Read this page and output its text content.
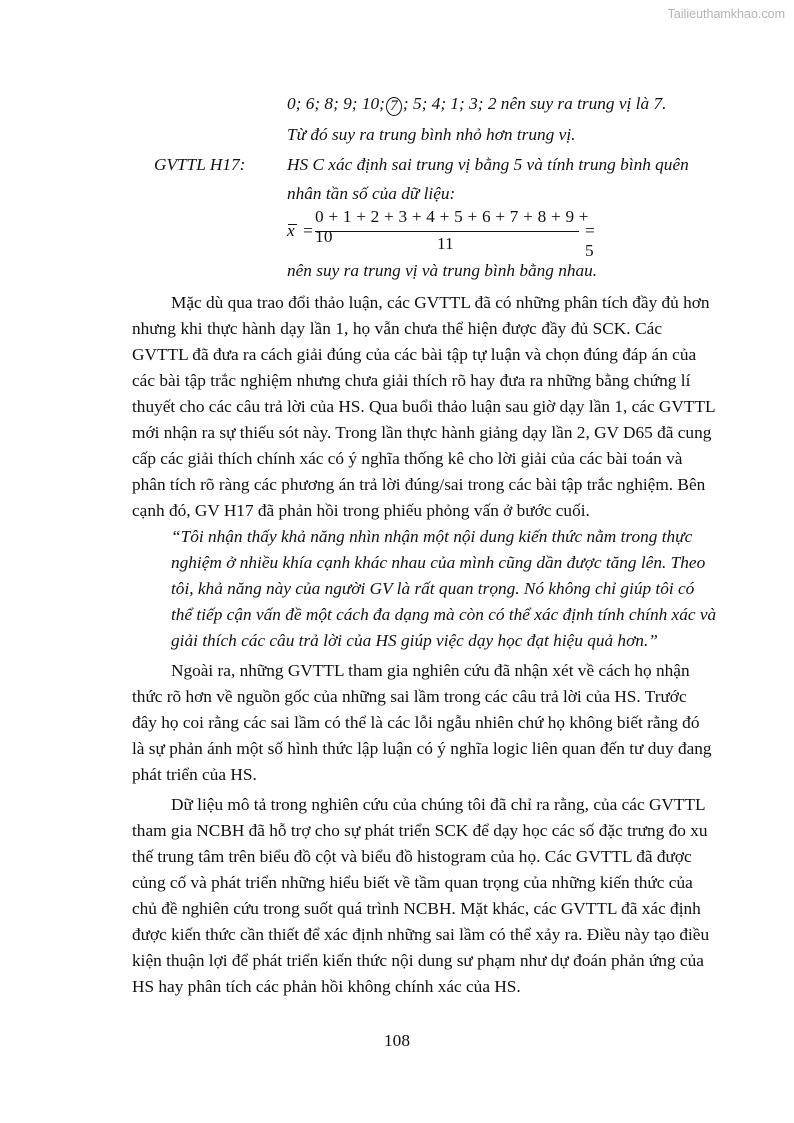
Tailieuthamkhao.com
0; 6; 8; 9; 10; 7 ; 5; 4; 1; 3; 2 nên suy ra trung vị là 7.
Từ đó suy ra trung bình nhỏ hơn trung vị.
GVTTL H17: HS C xác định sai trung vị bằng 5 và tính trung bình quên
nhân tần số của dữ liệu:
x =
0 + 1 + 2 + 3 + 4 + 5 + 6 + 7 + 8 + 9 + 10	11
= 5
nên suy ra trung vị và trung bình bằng nhau.
Mặc dù qua trao đổi thảo luận, các GVTTL đã có những phân tích đầy đủ hơn
nhưng khi thực hành dạy lần 1, họ vẫn chưa thể hiện được đầy đủ SCK. Các
GVTTL đã đưa ra cách giải đúng của các bài tập tự luận và chọn đúng đáp án của
các bài tập trắc nghiệm nhưng chưa giải thích rõ hay đưa ra những bằng chứng lí
thuyết cho các câu trả lời của HS. Qua buổi thảo luận sau giờ dạy lần 1, các GVTTL
mới nhận ra sự thiếu sót này. Trong lần thực hành giảng dạy lần 2, GV D65 đã cung
cấp các giải thích chính xác có ý nghĩa thống kê cho lời giải của các bài toán và
phân tích rõ ràng các phương án trả lời đúng/sai trong các bài tập trắc nghiệm. Bên
cạnh đó, GV H17 đã phản hồi trong phiếu phỏng vấn ở bước cuối.
“Tôi nhận thấy khả năng nhìn nhận một nội dung kiến thức nằm trong thực
nghiệm ở nhiều khía cạnh khác nhau của mình cũng dần được tăng lên. Theo
tôi, khả năng này của người GV là rất quan trọng. Nó không chỉ giúp tôi có
thể tiếp cận vấn đề một cách đa dạng mà còn có thể xác định tính chính xác và
giải thích các câu trả lời của HS giúp việc dạy học đạt hiệu quả hơn.”
Ngoài ra, những GVTTL tham gia nghiên cứu đã nhận xét về cách họ nhận
thức rõ hơn về nguồn gốc của những sai lầm trong các câu trả lời của HS. Trước
đây họ coi rằng các sai lầm có thể là các lỗi ngẫu nhiên chứ họ không biết rằng đó
là sự phản ánh một số hình thức lập luận có ý nghĩa logic liên quan đến tư duy đang
phát triển của HS.
Dữ liệu mô tả trong nghiên cứu của chúng tôi đã chỉ ra rằng, của các GVTTL
tham gia NCBH đã hỗ trợ cho sự phát triển SCK để dạy học các số đặc trưng đo xu
thế trung tâm trên biểu đồ cột và biểu đồ histogram của họ. Các GVTTL đã được
củng cố và phát triển những hiểu biết về tầm quan trọng của những kiến thức của
chủ đề nghiên cứu trong suốt quá trình NCBH. Mặt khác, các GVTTL đã xác định
được kiến thức cần thiết để xác định những sai lầm có thể xảy ra. Điều này tạo điều
kiện thuận lợi để phát triển kiến thức nội dung sư phạm như dự đoán phản ứng của
HS hay phân tích các phản hồi không chính xác của HS.
108
